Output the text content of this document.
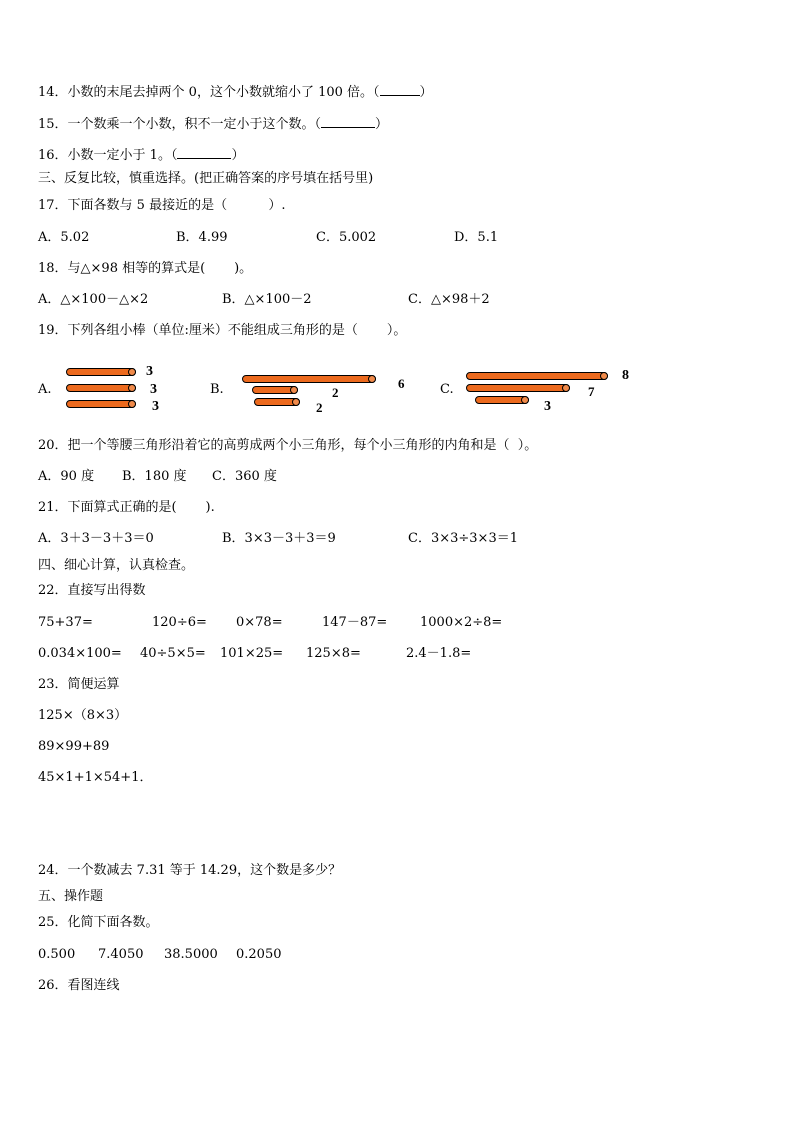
14．小数的末尾去掉两个 0，这个小数就缩小了 100 倍。（	）
15．一个数乘一个小数，积不一定小于这个数。（	）
16．小数一定小于 1。（	）
三、反复比较，慎重选择。(把正确答案的序号填在括号里)
17．下面各数与 5 最接近的是（          ）.
A．5.02	B．4.99	C．5.002	D．5.1
18．与△×98 相等的算式是(       )。
A．△×100－△×2	B．△×100－2	C．△×98＋2
19．下列各组小棒（单位:厘米）不能组成三角形的是（       ）。
A.
3
3
3
B.	6
2
2
C.
8
7
3
20．把一个等腰三角形沿着它的高剪成两个小三角形，每个小三角形的内角和是（  ）。
A．90 度 B．180 度 C．360 度
21．下面算式正确的是(       ).
A．3＋3－3＋3＝0	B．3×3－3＋3＝9	C．3×3÷3×3＝1
四、细心计算，认真检查。
22．直接写出得数
75+37=	120÷6= 0×78=	147－87=	1000×2÷8=
0.034×100= 40÷5×5= 101×25= 125×8=	2.4－1.8=
23．简便运算
125×（8×3）
89×99+89
45×1+1×54+1．
24．一个数减去 7.31 等于 14.29，这个数是多少？
五、操作题
25．化简下面各数。
0.500 7.4050 38.5000 0.2050
26．看图连线
